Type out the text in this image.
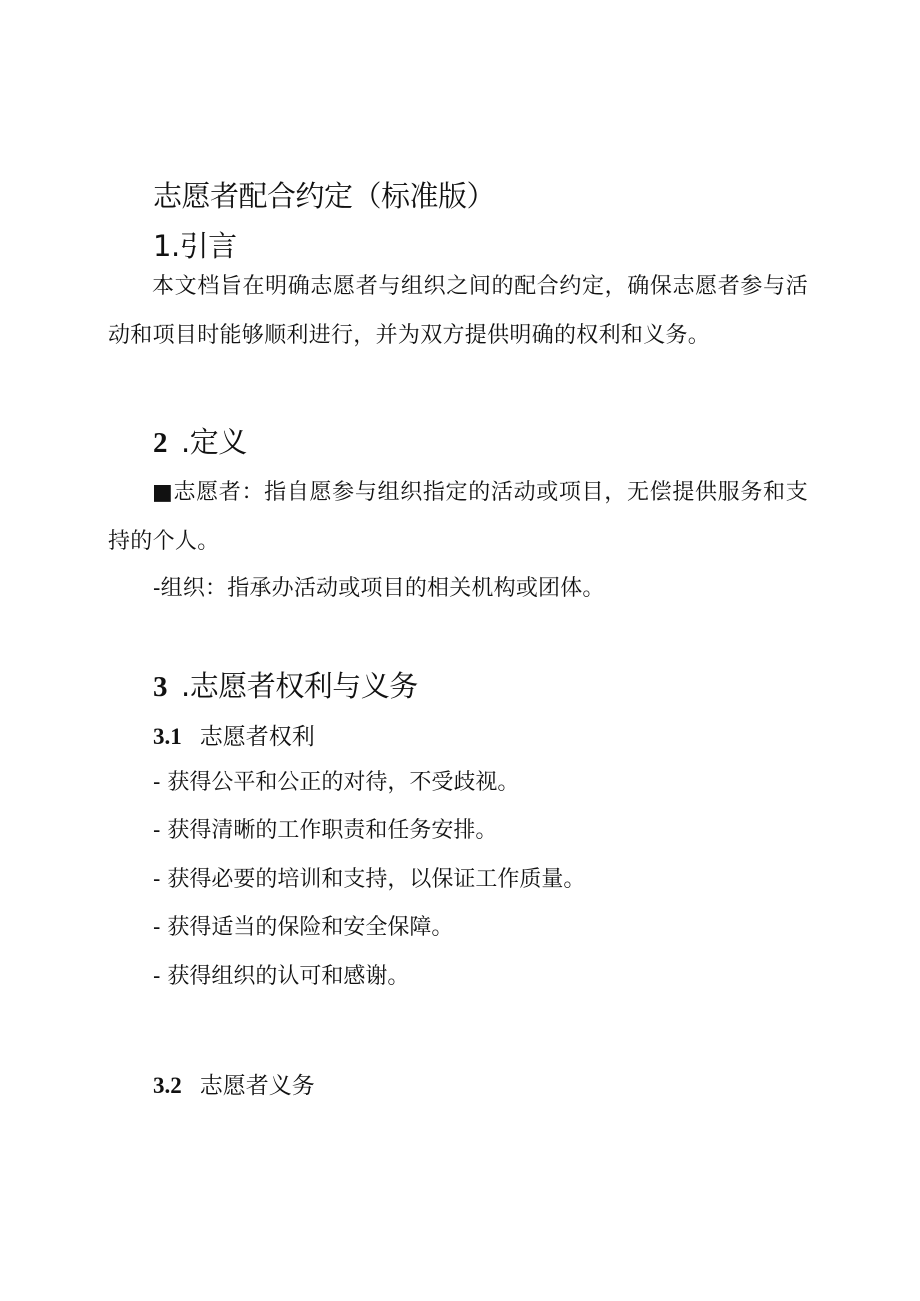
志愿者配合约定（标准版）
1.引言
本文档旨在明确志愿者与组织之间的配合约定，确保志愿者参与活动和项目时能够顺利进行，并为双方提供明确的权利和义务。
2 .定义
■志愿者：指自愿参与组织指定的活动或项目，无偿提供服务和支持的个人。
-组织：指承办活动或项目的相关机构或团体。
3 .志愿者权利与义务
3.1 志愿者权利
- 获得公平和公正的对待，不受歧视。
- 获得清晰的工作职责和任务安排。
- 获得必要的培训和支持，以保证工作质量。
- 获得适当的保险和安全保障。
- 获得组织的认可和感谢。
3.2 志愿者义务
